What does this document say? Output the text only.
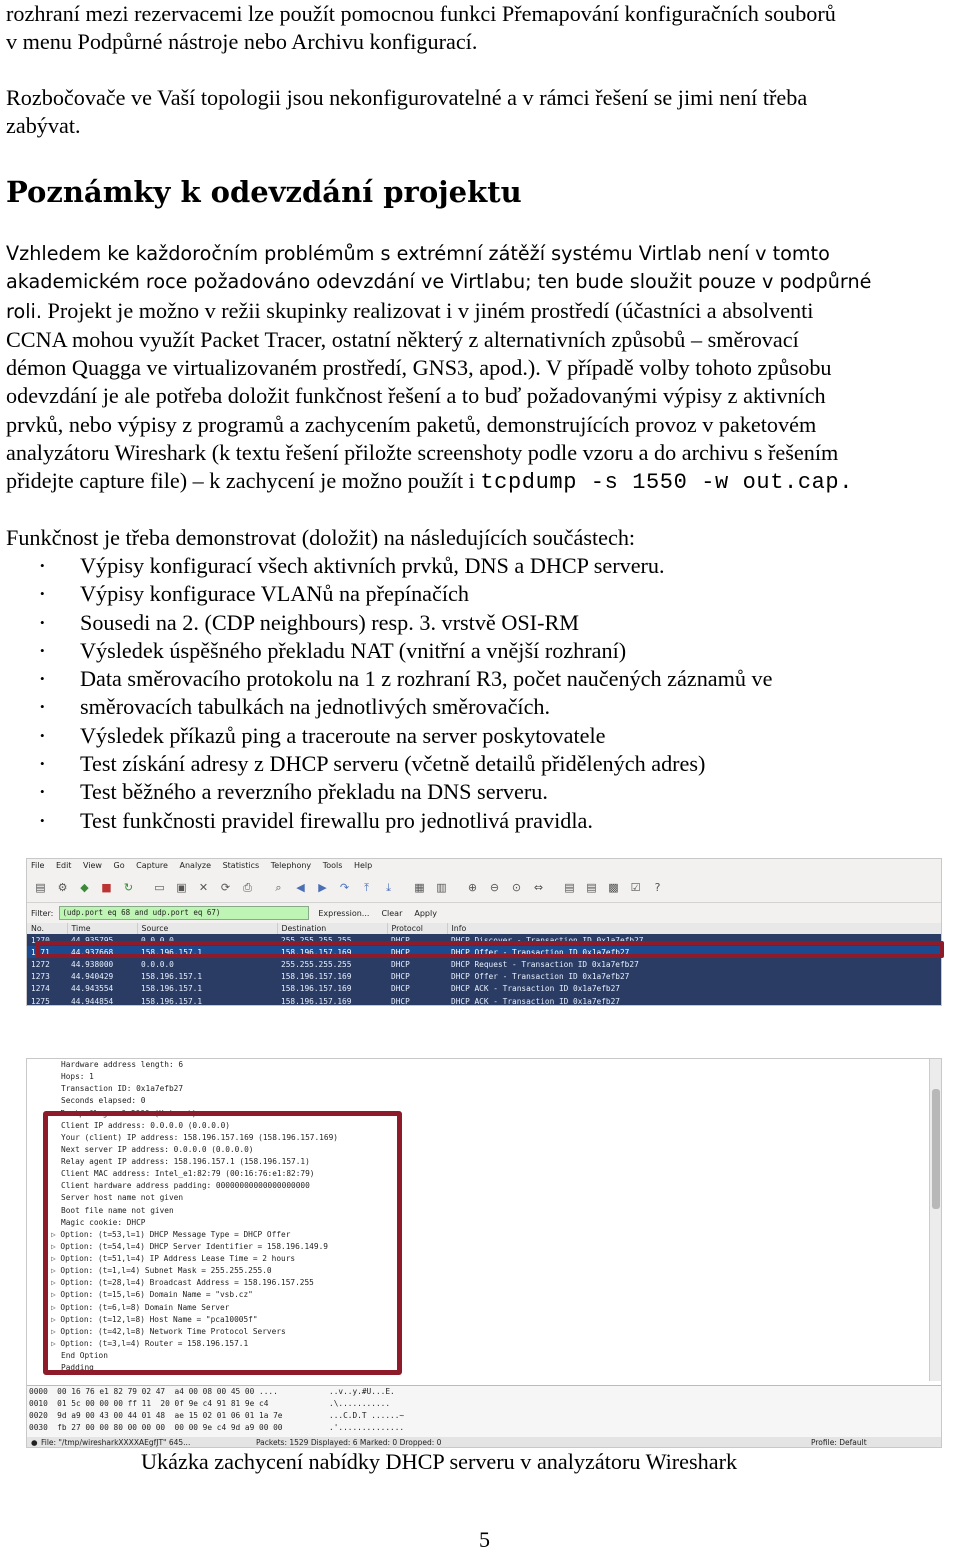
rozhraní mezi rezervacemi lze použít pomocnou funkci Přemapování konfiguračních souborů
v menu Podpůrné nástroje nebo Archivu konfigurací.
Rozbočovače ve Vaší topologii jsou nekonfigurovatelné a v rámci řešení se jimi není třeba
zabývat.
Poznámky k odevzdání projektu
Vzhledem ke každoročním problémům s extrémní zátěží systému Virtlab není v tomto
akademickém roce požadováno odevzdání ve Virtlabu; ten bude sloužit pouze v podpůrné
roli. Projekt je možno v režii skupinky realizovat i v jiném prostředí (účastníci a absolventi
CCNA mohou využít Packet Tracer, ostatní některý z alternativních způsobů – směrovací
démon Quagga ve virtualizovaném prostředí, GNS3, apod.). V případě volby tohoto způsobu
odevzdání je ale potřeba doložit funkčnost řešení a to buď požadovanými výpisy z aktivních
prvků, nebo výpisy z programů a zachycením paketů, demonstrujících provoz v paketovém
analyzátoru Wireshark (k textu řešení přiložte screenshoty podle vzoru a do archivu s řešením
přidejte capture file) – k zachycení je možno použít i tcpdump -s 1550 -w out.cap.
Funkčnost je třeba demonstrovat (doložit) na následujících součástech:
• Výpisy konfigurací všech aktivních prvků, DNS a DHCP serveru.
• Výpisy konfigurace VLANů na přepínačích
• Sousedi na 2. (CDP neighbours) resp. 3. vrstvě OSI-RM
• Výsledek úspěšného překladu NAT (vnitřní a vnější rozhraní)
• Data směrovacího protokolu na 1 z rozhraní R3, počet naučených záznamů ve
• směrovacích tabulkách na jednotlivých směrovačích.
• Výsledek příkazů ping a traceroute na server poskytovatele
• Test získání adresy z DHCP serveru (včetně detailů přidělených adres)
• Test běžného a reverzního překladu na DNS serveru.
• Test funkčnosti pravidel firewallu pro jednotlivá pravidla.
File Edit View Go Capture Analyze Statistics Telephony Tools Help
▤	⚙	◆	■	↻	▭	▣	✕	⟳	⎙	⌕	◀	▶	↷	⤒	⤓	▦	▥	⊕	⊖	⊙	⇔	▤	▤	▩	☑	?
Filter:	(udp.port eq 68 and udp.port eq 67)	Expression...	Clear	Apply
No.	Time	Source	Destination	Protocol	Info
1270	44.935795	0.0.0.0	255.255.255.255	DHCP	DHCP Discover - Transaction ID 0x1a7efb27
1271	44.937668	158.196.157.1	158.196.157.169	DHCP	DHCP Offer - Transaction ID 0x1a7efb27
1272	44.938000	0.0.0.0	255.255.255.255	DHCP	DHCP Request - Transaction ID 0x1a7efb27
1273	44.940429	158.196.157.1	158.196.157.169	DHCP	DHCP Offer - Transaction ID 0x1a7efb27
1274	44.943554	158.196.157.1	158.196.157.169	DHCP	DHCP ACK - Transaction ID 0x1a7efb27
1275	44.944854	158.196.157.1	158.196.157.169	DHCP	DHCP ACK - Transaction ID 0x1a7efb27
Hardware address length: 6
Hops: 1
Transaction ID: 0x1a7efb27
Seconds elapsed: 0
▷ Bootp flags: 0x8000 (Unicast)
Client IP address: 0.0.0.0 (0.0.0.0)
Your (client) IP address: 158.196.157.169 (158.196.157.169)
Next server IP address: 0.0.0.0 (0.0.0.0)
Relay agent IP address: 158.196.157.1 (158.196.157.1)
Client MAC address: Intel_e1:82:79 (00:16:76:e1:82:79)
Client hardware address padding: 00000000000000000000
Server host name not given
Boot file name not given
Magic cookie: DHCP
▷ Option: (t=53,l=1) DHCP Message Type = DHCP Offer
▷ Option: (t=54,l=4) DHCP Server Identifier = 158.196.149.9
▷ Option: (t=51,l=4) IP Address Lease Time = 2 hours
▷ Option: (t=1,l=4) Subnet Mask = 255.255.255.0
▷ Option: (t=28,l=4) Broadcast Address = 158.196.157.255
▷ Option: (t=15,l=6) Domain Name = "vsb.cz"
▷ Option: (t=6,l=8) Domain Name Server
▷ Option: (t=12,l=8) Host Name = "pca10005f"
▷ Option: (t=42,l=8) Network Time Protocol Servers
▷ Option: (t=3,l=4) Router = 158.196.157.1
End Option
Padding
0000  00 16 76 e1 82 79 02 47  a4 00 08 00 45 00 ....	..v..y.#U...E.
0010  01 5c 00 00 00 ff 11  20 0f 9e c4 91 81 9e c4	.\...........
0020  9d a9 00 43 00 44 01 48  ae 15 02 01 06 01 1a 7e	...C.D.T ......~
0030  fb 27 00 00 80 00 00 00  00 00 9e c4 9d a9 00 00	.'..............
● File: "/tmp/wiresharkXXXXAEgfJT" 645...	Packets: 1529 Displayed: 6 Marked: 0 Dropped: 0	Profile: Default
Ukázka zachycení nabídky DHCP serveru v analyzátoru Wireshark
5
